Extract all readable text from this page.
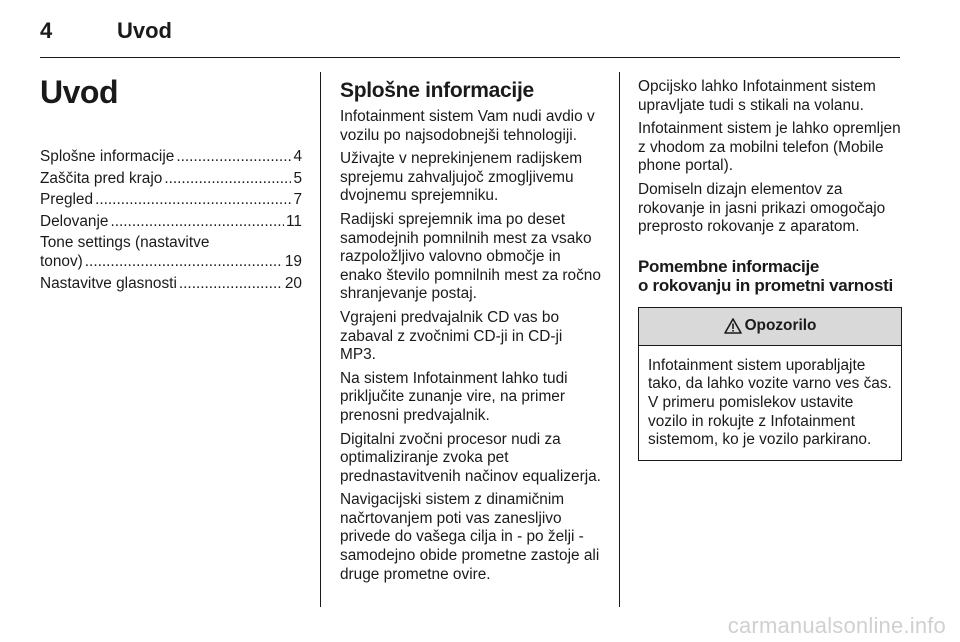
4	Uvod
Uvod
Splošne informacije .....	4
Zaščita pred krajo .....	5
Pregled .....	7
Delovanje .....	11
Tone settings (nastavitve
tonov) .....	19
Nastavitve glasnosti .....	20
Splošne informacije

Infotainment sistem Vam nudi avdio v vozilu po najsodobnejši tehnologiji.

Uživajte v neprekinjenem radijskem sprejemu zahvaljujoč zmogljivemu dvojnemu sprejemniku.

Radijski sprejemnik ima po deset samodejnih pomnilnih mest za vsako razpoložljivo valovno območje in enako število pomnilnih mest za ročno shranjevanje postaj.

Vgrajeni predvajalnik CD vas bo zabaval z zvočnimi CD-ji in CD-ji MP3.

Na sistem Infotainment lahko tudi priključite zunanje vire, na primer prenosni predvajalnik.

Digitalni zvočni procesor nudi za optimaliziranje zvoka pet prednastavitvenih načinov equalizerja.

Navigacijski sistem z dinamičnim načrtovanjem poti vas zanesljivo privede do vašega cilja in - po želji - samodejno obide prometne zastoje ali druge prometne ovire.

Opcijsko lahko Infotainment sistem upravljate tudi s stikali na volanu.

Infotainment sistem je lahko opremljen z vhodom za mobilni telefon (Mobile phone portal).

Domiseln dizajn elementov za rokovanje in jasni prikazi omogočajo preprosto rokovanje z aparatom.

Pomembne informacije
o rokovanju in prometni varnosti
Opozorilo
Infotainment sistem uporabljajte tako, da lahko vozite varno ves čas. V primeru pomislekov ustavite vozilo in rokujte z Infotainment sistemom, ko je vozilo parkirano.
carmanualsonline.info
